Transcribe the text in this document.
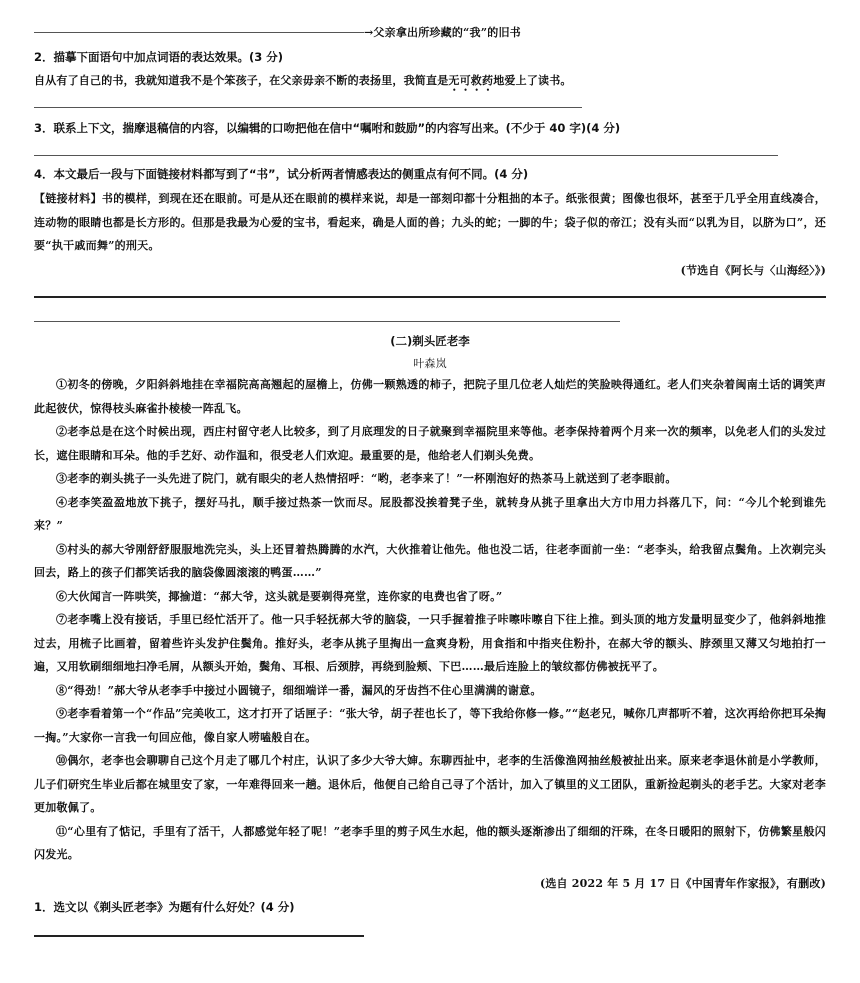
→父亲拿出所珍藏的“我”的旧书
2．描摹下面语句中加点词语的表达效果。(3 分)
自从有了自己的书，我就知道我不是个笨孩子，在父亲毋亲不断的表扬里，我简直是无可救药地爱上了读书。
3．联系上下文，揣摩退稿信的内容，以编辑的口吻把他在信中“嘱咐和鼓励”的内容写出来。(不少于 40 字)(4 分)
4．本文最后一段与下面链接材料都写到了“书”，试分析两者情感表达的侧重点有何不同。(4 分)
【链接材料】书的模样，到现在还在眼前。可是从还在眼前的模样来说，却是一部刻印都十分粗拙的本子。纸张很黄；图像也很坏，甚至于几乎全用直线凑合，连动物的眼睛也都是长方形的。但那是我最为心爱的宝书，看起来，确是人面的兽；九头的蛇；一脚的牛；袋子似的帝江；没有头而“以乳为目，以脐为口”，还要“执干戚而舞”的刑天。
(节选自《阿长与〈山海经〉》)
(二)剃头匠老李
叶森岚
①初冬的傍晚，夕阳斜斜地挂在幸福院高高翘起的屋檐上，仿佛一颗熟透的柿子，把院子里几位老人灿烂的笑脸映得通红。老人们夹杂着闽南土话的调笑声此起彼伏，惊得枝头麻雀扑棱棱一阵乱飞。
②老李总是在这个时候出现，西庄村留守老人比较多，到了月底理发的日子就聚到幸福院里来等他。老李保持着两个月来一次的频率，以免老人们的头发过长，遮住眼睛和耳朵。他的手艺好、动作温和，很受老人们欢迎。最重要的是，他给老人们剃头免费。
③老李的剃头挑子一头先进了院门，就有眼尖的老人热情招呼：“哟，老李来了！”一杯刚泡好的热茶马上就送到了老李眼前。
④老李笑盈盈地放下挑子，摆好马扎，顺手接过热茶一饮而尽。屁股都没挨着凳子坐，就转身从挑子里拿出大方巾用力抖落几下，问：“今儿个轮到谁先来？”
⑤村头的郝大爷刚舒舒服服地洗完头，头上还冒着热腾腾的水汽，大伙推着让他先。他也没二话，往老李面前一坐：“老李头，给我留点鬓角。上次剃完头回去，路上的孩子们都笑话我的脑袋像圆滚滚的鸭蛋……”
⑥大伙闻言一阵哄笑，揶揄道：“郝大爷，这头就是要剃得亮堂，连你家的电费也省了呀。”
⑦老李嘴上没有接话，手里已经忙活开了。他一只手轻抚郝大爷的脑袋，一只手握着推子咔嚓咔嚓自下往上推。到头顶的地方发量明显变少了，他斜斜地推过去，用梳子比画着，留着些许头发护住鬓角。推好头，老李从挑子里掏出一盒爽身粉，用食指和中指夹住粉扑，在郝大爷的额头、脖颈里又薄又匀地拍打一遍，又用软刷细细地扫净毛屑，从额头开始，鬓角、耳根、后颈脖，再绕到脸颊、下巴……最后连脸上的皱纹都仿佛被抚平了。
⑧“得劲！”郝大爷从老李手中接过小圆镜子，细细端详一番，漏风的牙齿挡不住心里满满的谢意。
⑨老李看着第一个“作品”完美收工，这才打开了话匣子：“张大爷，胡子茬也长了，等下我给你修一修。”“赵老兄，喊你几声都听不着，这次再给你把耳朵掏一掏。”大家你一言我一句回应他，像自家人唠嗑般自在。
⑩偶尔，老李也会聊聊自己这个月走了哪几个村庄，认识了多少大爷大婶。东聊西扯中，老李的生活像渔网抽丝般被扯出来。原来老李退休前是小学教师，儿子们研究生毕业后都在城里安了家，一年难得回来一趟。退休后，他便自己给自己寻了个活计，加入了镇里的义工团队，重新捡起剃头的老手艺。大家对老李更加敬佩了。
⑪“心里有了惦记，手里有了活干，人都感觉年轻了呢！”老李手里的剪子风生水起，他的额头逐渐渗出了细细的汗珠，在冬日暖阳的照射下，仿佛繁星般闪闪发光。
(选自 2022 年 5 月 17 日《中国青年作家报》，有删改)
1．选文以《剃头匠老李》为题有什么好处？(4 分)
